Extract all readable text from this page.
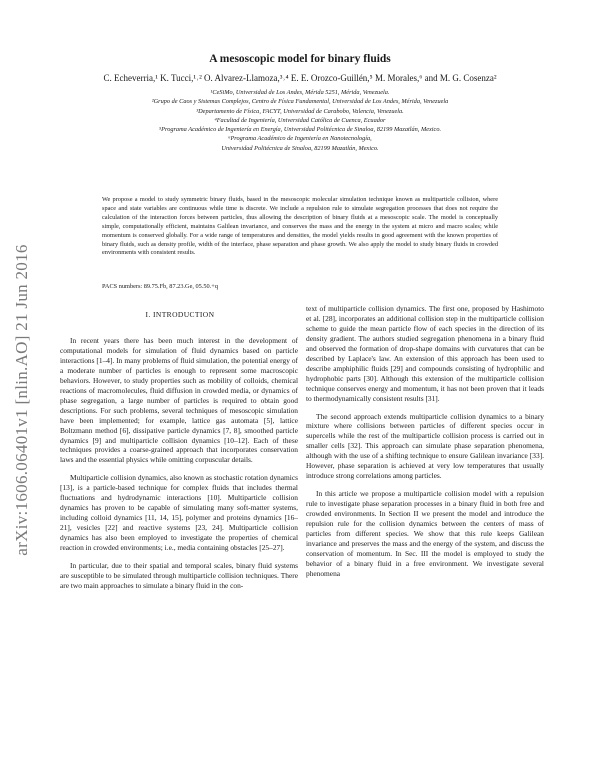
arXiv:1606.06401v1 [nlin.AO] 21 Jun 2016
A mesoscopic model for binary fluids
C. Echeverria,¹ K. Tucci,¹˒² O. Alvarez-Llamoza,³˒⁴ E. E. Orozco-Guillén,⁵ M. Morales,⁶ and M. G. Cosenza²
¹CeSiMo, Universidad de Los Andes, Mérida 5251, Mérida, Venezuela.
²Grupo de Caos y Sistemas Complejos, Centro de Física Fundamental, Universidad de Los Andes, Mérida, Venezuela
³Departamento de Física, FACYT, Universidad de Carabobo, Valencia, Venezuela.
⁴Facultad de Ingeniería, Universidad Católica de Cuenca, Ecuador
⁵Programa Académico de Ingeniería en Energía, Universidad Politécnica de Sinaloa, 82199 Mazatlán, Mexico.
⁶Programa Académico de Ingeniería en Nanotecnología,
Universidad Politécnica de Sinaloa, 82199 Mazatlán, Mexico.
We propose a model to study symmetric binary fluids, based in the mesoscopic molecular simulation technique known as multiparticle collision, where space and state variables are continuous while time is discrete. We include a repulsion rule to simulate segregation processes that does not require the calculation of the interaction forces between particles, thus allowing the description of binary fluids at a mesoscopic scale. The model is conceptually simple, computationally efficient, maintains Galilean invariance, and conserves the mass and the energy in the system at micro and macro scales; while momentum is conserved globally. For a wide range of temperatures and densities, the model yields results in good agreement with the known properties of binary fluids, such as density profile, width of the interface, phase separation and phase growth. We also apply the model to study binary fluids in crowded environments with consistent results.
PACS numbers: 89.75.Fb, 87.23.Ge, 05.50.+q
I. INTRODUCTION

In recent years there has been much interest in the development of computational models for simulation of fluid dynamics based on particle interactions [1–4]. In many problems of fluid simulation, the potential energy of a moderate number of particles is enough to represent some macroscopic behaviors. However, to study properties such as mobility of colloids, chemical reactions of macromolecules, fluid diffusion in crowded media, or dynamics of phase segregation, a large number of particles is required to obtain good descriptions. For such problems, several techniques of mesoscopic simulation have been implemented; for example, lattice gas automata [5], lattice Boltzmann method [6], dissipative particle dynamics [7, 8], smoothed particle dynamics [9] and multiparticle collision dynamics [10–12]. Each of these techniques provides a coarse-grained approach that incorporates conservation laws and the essential physics while omitting corpuscular details.

Multiparticle collision dynamics, also known as stochastic rotation dynamics [13], is a particle-based technique for complex fluids that includes thermal fluctuations and hydrodynamic interactions [10]. Multiparticle collision dynamics has proven to be capable of simulating many soft-matter systems, including colloid dynamics [11, 14, 15], polymer and proteins dynamics [16–21], vesicles [22] and reactive systems [23, 24]. Multiparticle collision dynamics has also been employed to investigate the properties of chemical reaction in crowded environments; i.e., media containing obstacles [25–27].

In particular, due to their spatial and temporal scales, binary fluid systems are susceptible to be simulated through multiparticle collision techniques. There are two main approaches to simulate a binary fluid in the con-

text of multiparticle collision dynamics. The first one, proposed by Hashimoto et al. [28], incorporates an additional collision step in the multiparticle collision scheme to guide the mean particle flow of each species in the direction of its density gradient. The authors studied segregation phenomena in a binary fluid and observed the formation of drop-shape domains with curvatures that can be described by Laplace's law. An extension of this approach has been used to describe amphiphilic fluids [29] and compounds consisting of hydrophilic and hydrophobic parts [30]. Although this extension of the multiparticle collision technique conserves energy and momentum, it has not been proven that it leads to thermodynamically consistent results [31].

The second approach extends multiparticle collision dynamics to a binary mixture where collisions between particles of different species occur in supercells while the rest of the multiparticle collision process is carried out in smaller cells [32]. This approach can simulate phase separation phenomena, although with the use of a shifting technique to ensure Galilean invariance [33]. However, phase separation is achieved at very low temperatures that usually introduce strong correlations among particles.

In this article we propose a multiparticle collision model with a repulsion rule to investigate phase separation processes in a binary fluid in both free and crowded environments. In Section II we present the model and introduce the repulsion rule for the collision dynamics between the centers of mass of particles from different species. We show that this rule keeps Galilean invariance and preserves the mass and the energy of the system, and discuss the conservation of momentum. In Sec. III the model is employed to study the behavior of a binary fluid in a free environment. We investigate several phenomena
